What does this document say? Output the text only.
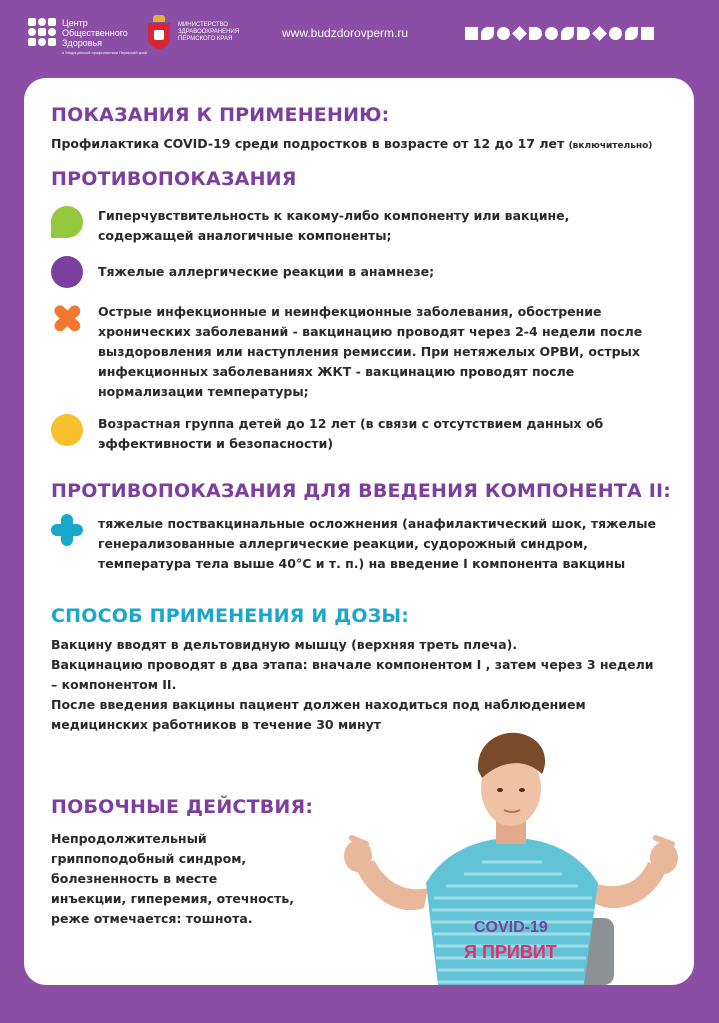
Центр
Общественного
Здоровья
и Медицинской профилактики Пермский край
МИНИСТЕРСТВО
ЗДРАВООХРАНЕНИЯ
ПЕРМСКОГО КРАЯ	www.budzdorovperm.ru
ПОКАЗАНИЯ К ПРИМЕНЕНИЮ:
Профилактика COVID-19 среди подростков в возрасте от 12 до 17 лет (включительно)
ПРОТИВОПОКАЗАНИЯ
Гиперчувствительность к какому-либо компоненту или вакцине,
содержащей аналогичные компоненты;
Тяжелые аллергические реакции в анамнезе;
Острые инфекционные и неинфекционные заболевания, обострение
хронических заболеваний - вакцинацию проводят через 2-4 недели после
выздоровления или наступления ремиссии. При нетяжелых ОРВИ, острых
инфекционных заболеваниях ЖКТ - вакцинацию проводят после
нормализации температуры;
Возрастная группа детей до 12 лет (в связи с отсутствием данных об
эффективности и безопасности)
ПРОТИВОПОКАЗАНИЯ ДЛЯ ВВЕДЕНИЯ КОМПОНЕНТА II:
тяжелые поствакцинальные осложнения (анафилактический шок, тяжелые
генерализованные аллергические реакции, судорожный синдром,
температура тела выше 40°С и т. п.) на введение I компонента вакцины
СПОСОБ ПРИМЕНЕНИЯ И ДОЗЫ:
Вакцину вводят в дельтовидную мышцу (верхняя треть плеча).
Вакцинацию проводят в два этапа: вначале компонентом I , затем через 3 недели
– компонентом II.
После введения вакцины пациент должен находиться под наблюдением
медицинских работников в течение 30 минут
ПОБОЧНЫЕ ДЕЙСТВИЯ:
Непродолжительный
гриппоподобный синдром,
болезненность в месте
инъекции, гиперемия, отечность,
реже отмечается: тошнота.
COVID-19
Я ПРИВИТ
